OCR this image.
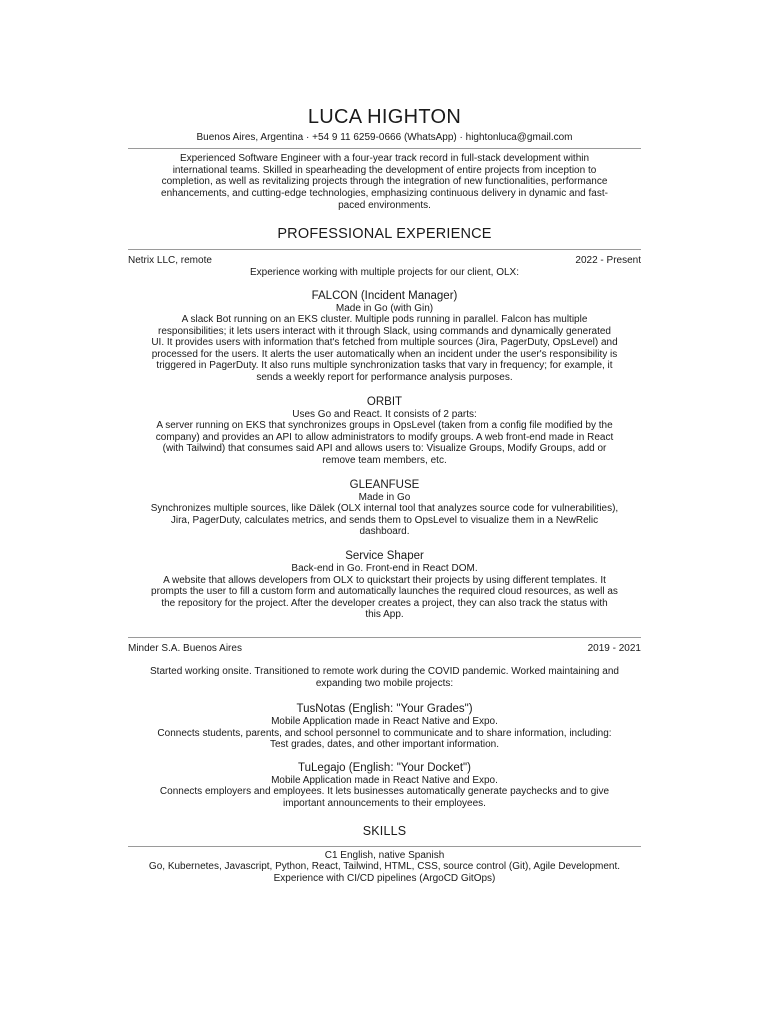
LUCA HIGHTON
Buenos Aires, Argentina · +54 9 11 6259-0666 (WhatsApp) · hightonluca@gmail.com
Experienced Software Engineer with a four-year track record in full-stack development within
international teams. Skilled in spearheading the development of entire projects from inception to
completion, as well as revitalizing projects through the integration of new functionalities, performance
enhancements, and cutting-edge technologies, emphasizing continuous delivery in dynamic and fast-
paced environments.
PROFESSIONAL EXPERIENCE
Netrix LLC, remote	2022 - Present
Experience working with multiple projects for our client, OLX:
FALCON (Incident Manager)
Made in Go (with Gin)
A slack Bot running on an EKS cluster. Multiple pods running in parallel. Falcon has multiple
responsibilities; it lets users interact with it through Slack, using commands and dynamically generated
UI. It provides users with information that's fetched from multiple sources (Jira, PagerDuty, OpsLevel) and
processed for the users. It alerts the user automatically when an incident under the user's responsibility is
triggered in PagerDuty. It also runs multiple synchronization tasks that vary in frequency; for example, it
sends a weekly report for performance analysis purposes.
ORBIT
Uses Go and React. It consists of 2 parts:
A server running on EKS that synchronizes groups in OpsLevel (taken from a config file modified by the
company) and provides an API to allow administrators to modify groups. A web front-end made in React
(with Tailwind) that consumes said API and allows users to: Visualize Groups, Modify Groups, add or
remove team members, etc.
GLEANFUSE
Made in Go
Synchronizes multiple sources, like Dälek (OLX internal tool that analyzes source code for vulnerabilities),
Jira, PagerDuty, calculates metrics, and sends them to OpsLevel to visualize them in a NewRelic
dashboard.
Service Shaper
Back-end in Go. Front-end in React DOM.
A website that allows developers from OLX to quickstart their projects by using different templates. It
prompts the user to fill a custom form and automatically launches the required cloud resources, as well as
the repository for the project. After the developer creates a project, they can also track the status with
this App.
Minder S.A. Buenos Aires	2019 - 2021
Started working onsite. Transitioned to remote work during the COVID pandemic. Worked maintaining and
expanding two mobile projects:
TusNotas (English: "Your Grades")
Mobile Application made in React Native and Expo.
Connects students, parents, and school personnel to communicate and to share information, including:
Test grades, dates, and other important information.
TuLegajo (English: "Your Docket")
Mobile Application made in React Native and Expo.
Connects employers and employees. It lets businesses automatically generate paychecks and to give
important announcements to their employees.
SKILLS
C1 English, native Spanish
Go, Kubernetes, Javascript, Python, React, Tailwind, HTML, CSS, source control (Git), Agile Development.
Experience with CI/CD pipelines (ArgoCD GitOps)
